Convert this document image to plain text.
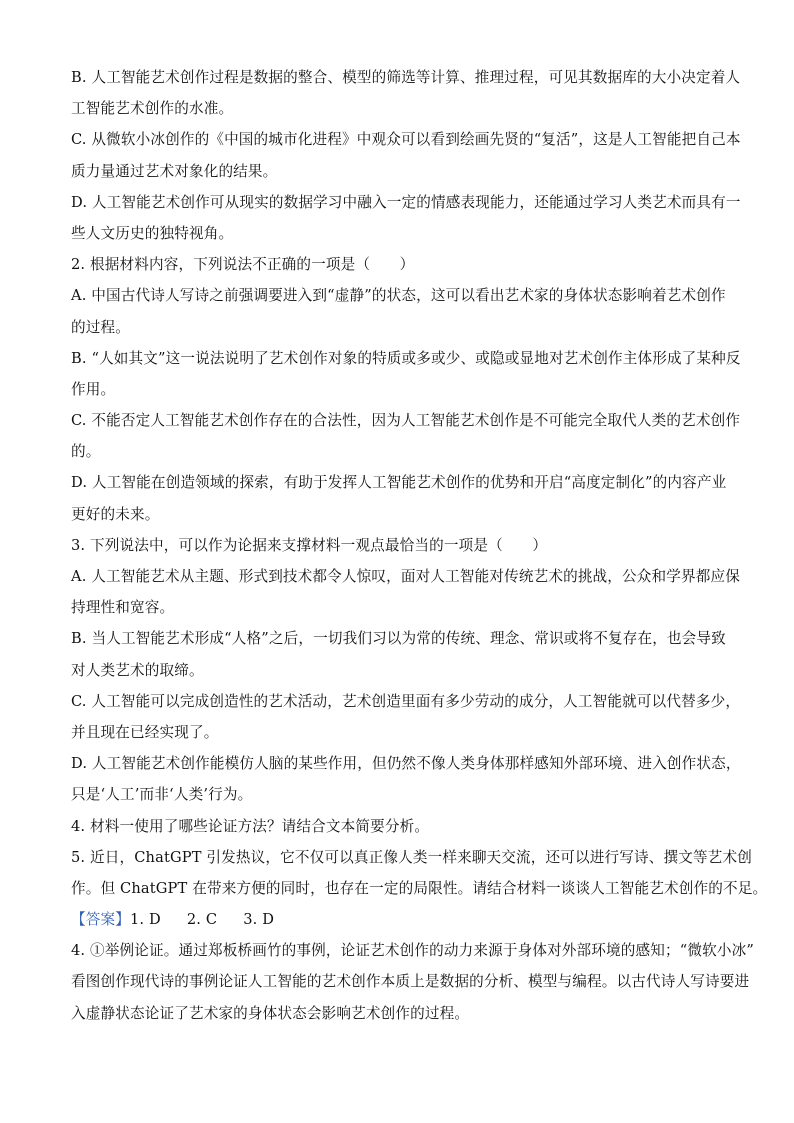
B. 人工智能艺术创作过程是数据的整合、模型的筛选等计算、推理过程，可见其数据库的大小决定着人
工智能艺术创作的水准。
C. 从微软小冰创作的《中国的城市化进程》中观众可以看到绘画先贤的“复活”，这是人工智能把自己本
质力量通过艺术对象化的结果。
D. 人工智能艺术创作可从现实的数据学习中融入一定的情感表现能力，还能通过学习人类艺术而具有一
些人文历史的独特视角。
2. 根据材料内容，下列说法不正确的一项是（　　）
A. 中国古代诗人写诗之前强调要进入到“虚静”的状态，这可以看出艺术家的身体状态影响着艺术创作
的过程。
B. “人如其文”这一说法说明了艺术创作对象的特质或多或少、或隐或显地对艺术创作主体形成了某种反
作用。
C. 不能否定人工智能艺术创作存在的合法性，因为人工智能艺术创作是不可能完全取代人类的艺术创作
的。
D. 人工智能在创造领域的探索，有助于发挥人工智能艺术创作的优势和开启“高度定制化”的内容产业
更好的未来。
3. 下列说法中，可以作为论据来支撑材料一观点最恰当的一项是（　　）
A. 人工智能艺术从主题、形式到技术都令人惊叹，面对人工智能对传统艺术的挑战，公众和学界都应保
持理性和宽容。
B. 当人工智能艺术形成“人格”之后，一切我们习以为常的传统、理念、常识或将不复存在，也会导致
对人类艺术的取缔。
C. 人工智能可以完成创造性的艺术活动，艺术创造里面有多少劳动的成分，人工智能就可以代替多少，
并且现在已经实现了。
D. 人工智能艺术创作能模仿人脑的某些作用，但仍然不像人类身体那样感知外部环境、进入创作状态，
只是‘人工’而非‘人类’行为。
4. 材料一使用了哪些论证方法？请结合文本简要分析。
5. 近日，ChatGPT 引发热议，它不仅可以真正像人类一样来聊天交流，还可以进行写诗、撰文等艺术创
作。但 ChatGPT 在带来方便的同时，也存在一定的局限性。请结合材料一谈谈人工智能艺术创作的不足。
【答案】1. D 2. C 3. D
4. ①举例论证。通过郑板桥画竹的事例，论证艺术创作的动力来源于身体对外部环境的感知；“微软小冰”
看图创作现代诗的事例论证人工智能的艺术创作本质上是数据的分析、模型与编程。以古代诗人写诗要进
入虚静状态论证了艺术家的身体状态会影响艺术创作的过程。
